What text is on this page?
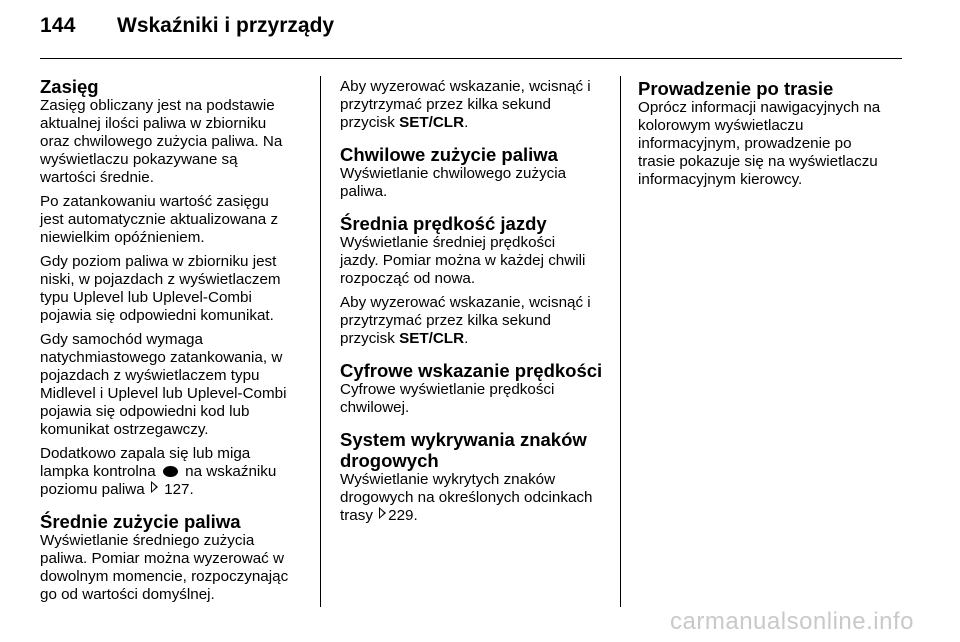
144 Wskaźniki i przyrządy
Zasięg

Zasięg obliczany jest na podstawie
aktualnej ilości paliwa w zbiorniku
oraz chwilowego zużycia paliwa. Na
wyświetlaczu pokazywane są
wartości średnie.

Po zatankowaniu wartość zasięgu
jest automatycznie aktualizowana z
niewielkim opóźnieniem.

Gdy poziom paliwa w zbiorniku jest
niski, w pojazdach z wyświetlaczem
typu Uplevel lub Uplevel-Combi
pojawia się odpowiedni komunikat.

Gdy samochód wymaga
natychmiastowego zatankowania, w
pojazdach z wyświetlaczem typu
Midlevel i Uplevel lub Uplevel-Combi
pojawia się odpowiedni kod lub
komunikat ostrzegawczy.

Dodatkowo zapala się lub miga
lampka kontrolna na wskaźniku
poziomu paliwa 127.

Średnie zużycie paliwa

Wyświetlanie średniego zużycia
paliwa. Pomiar można wyzerować w
dowolnym momencie, rozpoczynając
go od wartości domyślnej.

Aby wyzerować wskazanie, wcisnąć i
przytrzymać przez kilka sekund
przycisk SET/CLR.

Chwilowe zużycie paliwa

Wyświetlanie chwilowego zużycia
paliwa.

Średnia prędkość jazdy

Wyświetlanie średniej prędkości
jazdy. Pomiar można w każdej chwili
rozpocząć od nowa.

Aby wyzerować wskazanie, wcisnąć i
przytrzymać przez kilka sekund
przycisk SET/CLR.

Cyfrowe wskazanie prędkości

Cyfrowe wyświetlanie prędkości
chwilowej.

System wykrywania znaków
drogowych

Wyświetlanie wykrytych znaków
drogowych na określonych odcinkach
trasy 229.

Prowadzenie po trasie

Oprócz informacji nawigacyjnych na
kolorowym wyświetlaczu
informacyjnym, prowadzenie po
trasie pokazuje się na wyświetlaczu
informacyjnym kierowcy.

carmanualsonline.info
